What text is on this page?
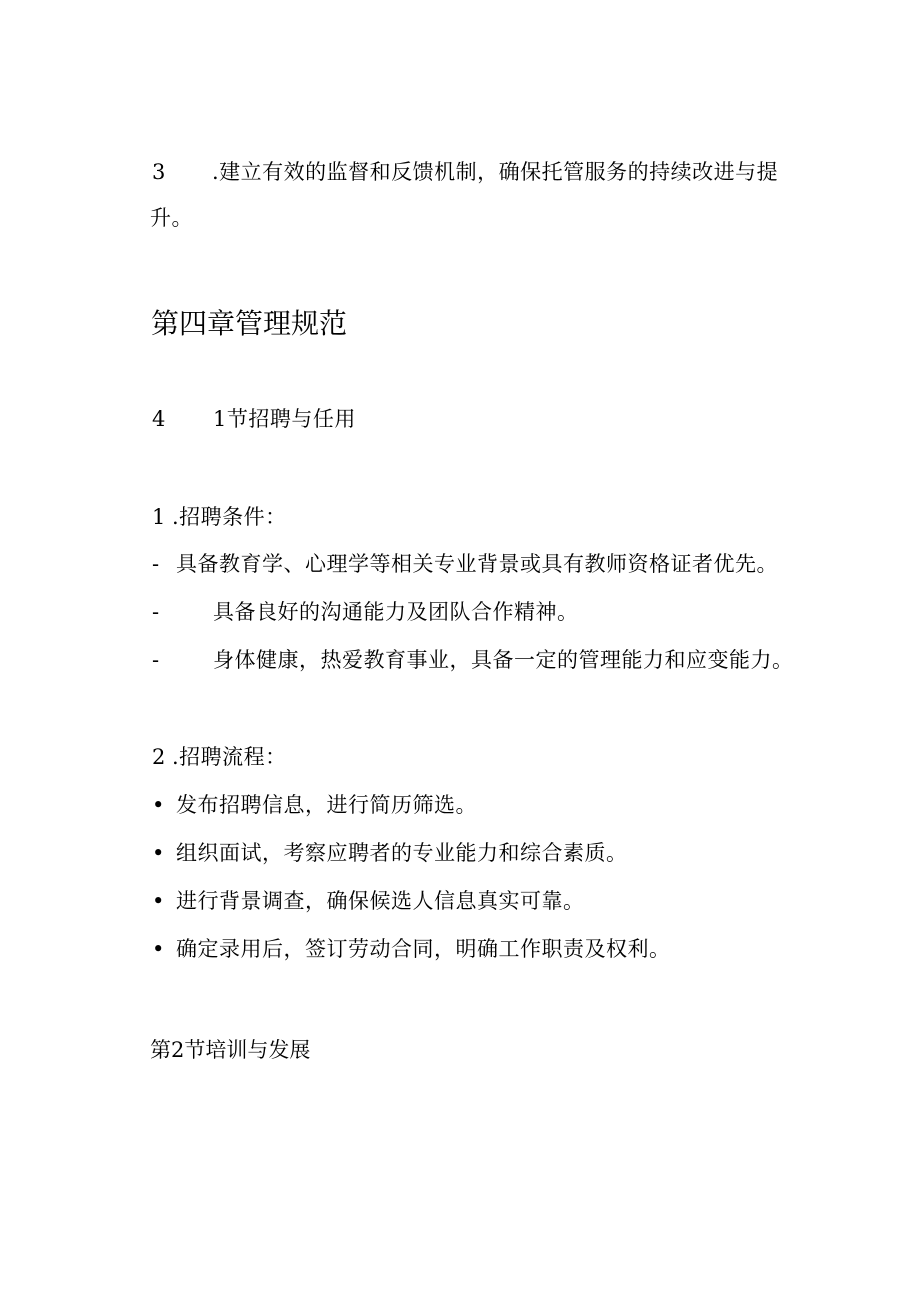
3 .建立有效的监督和反馈机制，确保托管服务的持续改进与提
升。
第四章管理规范
4 1节招聘与任用
1 .招聘条件：
- 具备教育学、心理学等相关专业背景或具有教师资格证者优先。
-	具备良好的沟通能力及团队合作精神。
-	身体健康，热爱教育事业，具备一定的管理能力和应变能力。
2 .招聘流程：
• 发布招聘信息，进行简历筛选。
• 组织面试，考察应聘者的专业能力和综合素质。
• 进行背景调查，确保候选人信息真实可靠。
• 确定录用后，签订劳动合同，明确工作职责及权利。
第2节培训与发展
